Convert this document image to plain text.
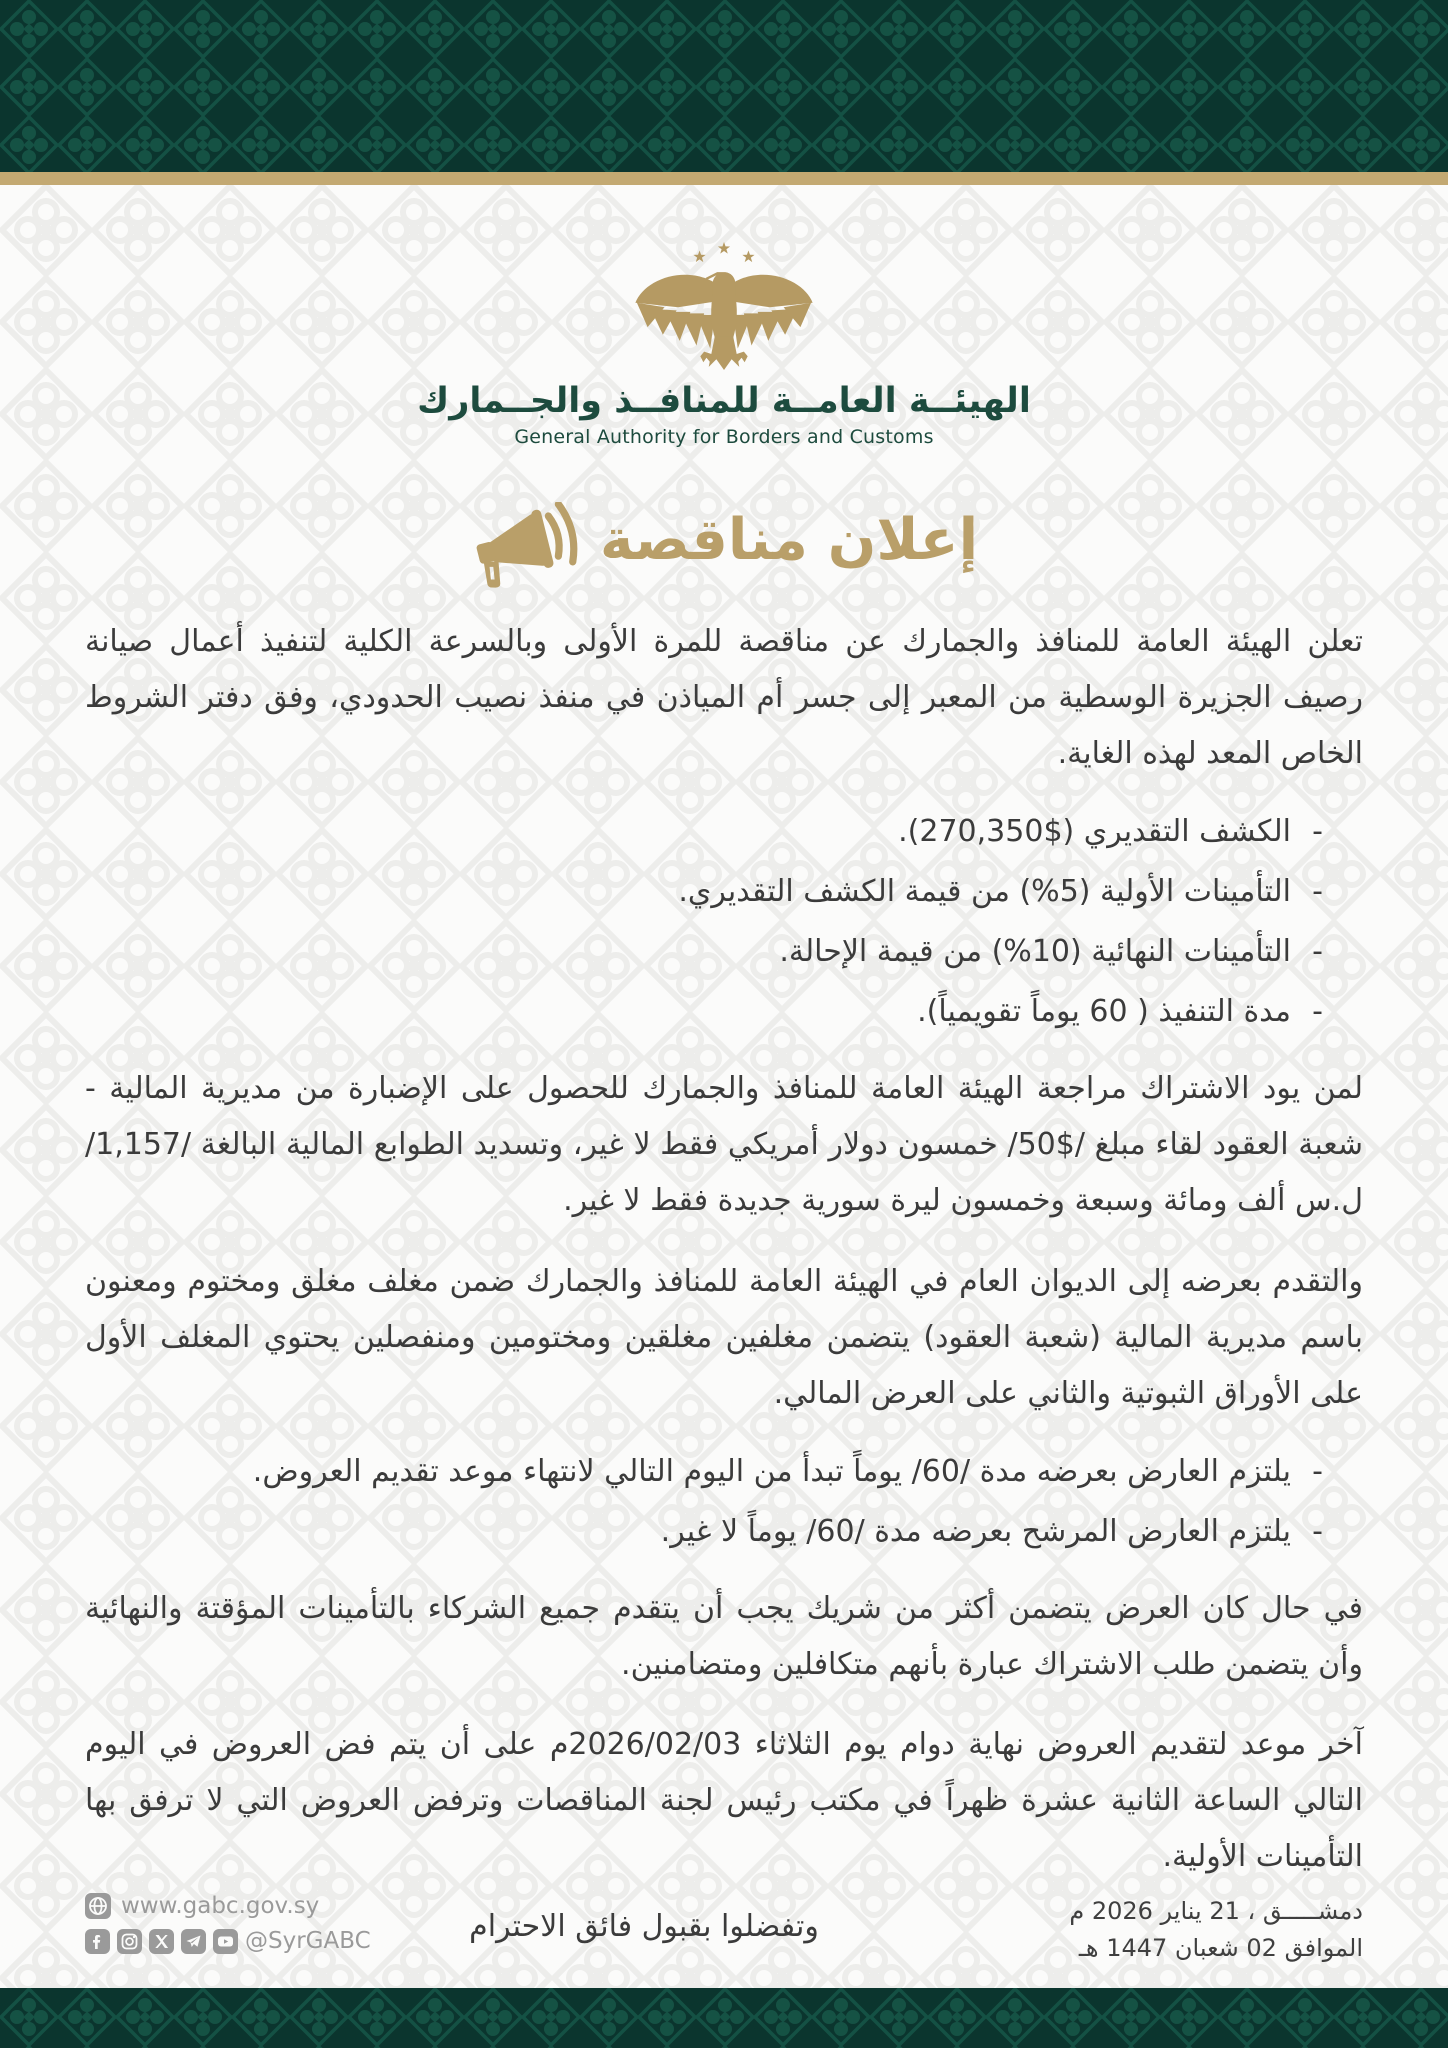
الهيئــة العامــة للمنافــذ والجــمارك
General Authority for Borders and Customs
إعلان مناقصة

تعلن الهيئة العامة للمنافذ والجمارك عن مناقصة للمرة الأولى وبالسرعة الكلية لتنفيذ أعمال صيانة رصيف الجزيرة الوسطية من المعبر إلى جسر أم المياذن في منفذ نصيب الحدودي، وفق دفتر الشروط الخاص المعد لهذه الغاية.

- الكشف التقديري ($270,350).
- التأمينات الأولية (5%) من قيمة الكشف التقديري.
- التأمينات النهائية (10%) من قيمة الإحالة.
- مدة التنفيذ ( 60 يوماً تقويمياً).

لمن يود الاشتراك مراجعة الهيئة العامة للمنافذ والجمارك للحصول على الإضبارة من مديرية المالية - شعبة العقود لقاء مبلغ /$50/ خمسون دولار أمريكي فقط لا غير، وتسديد الطوابع المالية البالغة /1,157/ ل.س ألف ومائة وسبعة وخمسون ليرة سورية جديدة فقط لا غير.

والتقدم بعرضه إلى الديوان العام في الهيئة العامة للمنافذ والجمارك ضمن مغلف مغلق ومختوم ومعنون باسم مديرية المالية (شعبة العقود) يتضمن مغلفين مغلقين ومختومين ومنفصلين يحتوي المغلف الأول على الأوراق الثبوتية والثاني على العرض المالي.

- يلتزم العارض بعرضه مدة /60/ يوماً تبدأ من اليوم التالي لانتهاء موعد تقديم العروض.
- يلتزم العارض المرشح بعرضه مدة /60/ يوماً لا غير.

في حال كان العرض يتضمن أكثر من شريك يجب أن يتقدم جميع الشركاء بالتأمينات المؤقتة والنهائية وأن يتضمن طلب الاشتراك عبارة بأنهم متكافلين ومتضامنين.

آخر موعد لتقديم العروض نهاية دوام يوم الثلاثاء 2026/02/03م على أن يتم فض العروض في اليوم التالي الساعة الثانية عشرة ظهراً في مكتب رئيس لجنة المناقصات وترفض العروض التي لا ترفق بها التأمينات الأولية.

وتفضلوا بقبول فائق الاحترام
www.gabc.gov.sy
@SyrGABC
دمشـــــق ، 21 يناير 2026 م
الموافق 02 شعبان 1447 هـ
